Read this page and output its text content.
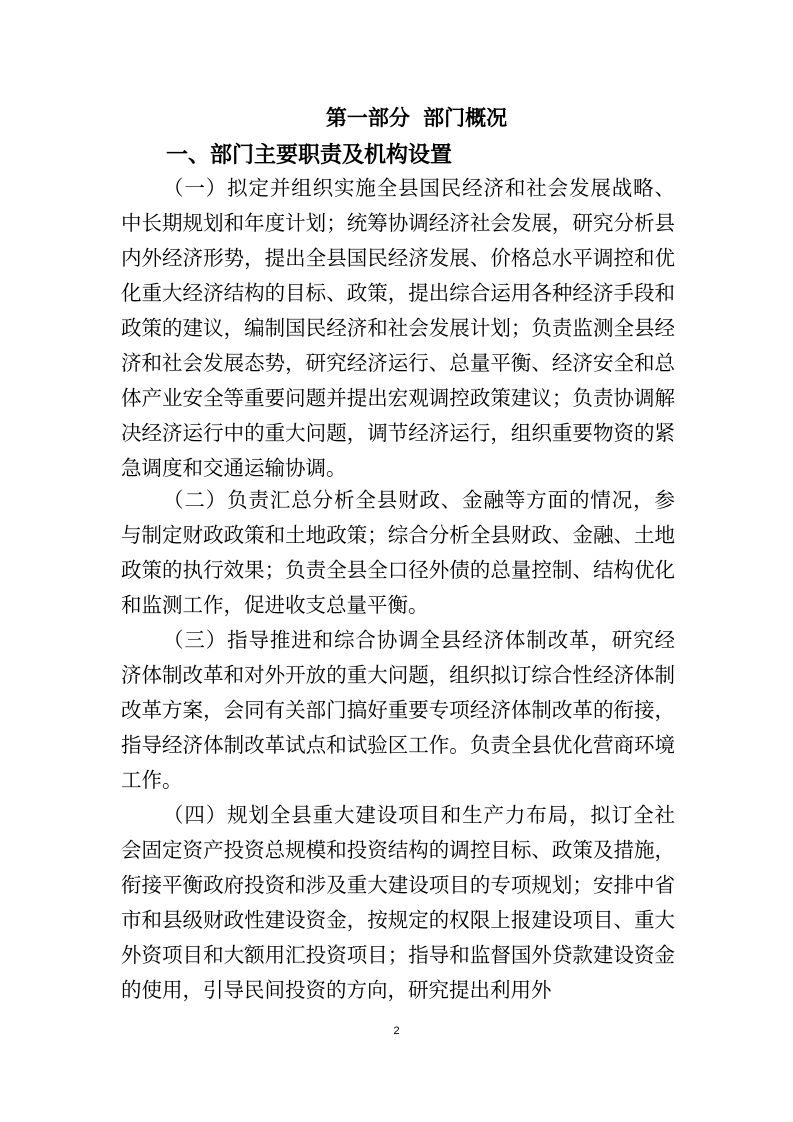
第一部分 部门概况
一、部门主要职责及机构设置

（一）拟定并组织实施全县国民经济和社会发展战略、中长期规划和年度计划；统筹协调经济社会发展，研究分析县内外经济形势，提出全县国民经济发展、价格总水平调控和优化重大经济结构的目标、政策，提出综合运用各种经济手段和政策的建议，编制国民经济和社会发展计划；负责监测全县经济和社会发展态势，研究经济运行、总量平衡、经济安全和总体产业安全等重要问题并提出宏观调控政策建议；负责协调解决经济运行中的重大问题，调节经济运行，组织重要物资的紧急调度和交通运输协调。

（二）负责汇总分析全县财政、金融等方面的情况，参与制定财政政策和土地政策；综合分析全县财政、金融、土地政策的执行效果；负责全县全口径外债的总量控制、结构优化和监测工作，促进收支总量平衡。

（三）指导推进和综合协调全县经济体制改革，研究经济体制改革和对外开放的重大问题，组织拟订综合性经济体制改革方案，会同有关部门搞好重要专项经济体制改革的衔接，指导经济体制改革试点和试验区工作。负责全县优化营商环境工作。

（四）规划全县重大建设项目和生产力布局，拟订全社会固定资产投资总规模和投资结构的调控目标、政策及措施，衔接平衡政府投资和涉及重大建设项目的专项规划；安排中省市和县级财政性建设资金，按规定的权限上报建设项目、重大外资项目和大额用汇投资项目；指导和监督国外贷款建设资金的使用，引导民间投资的方向，研究提出利用外

2
